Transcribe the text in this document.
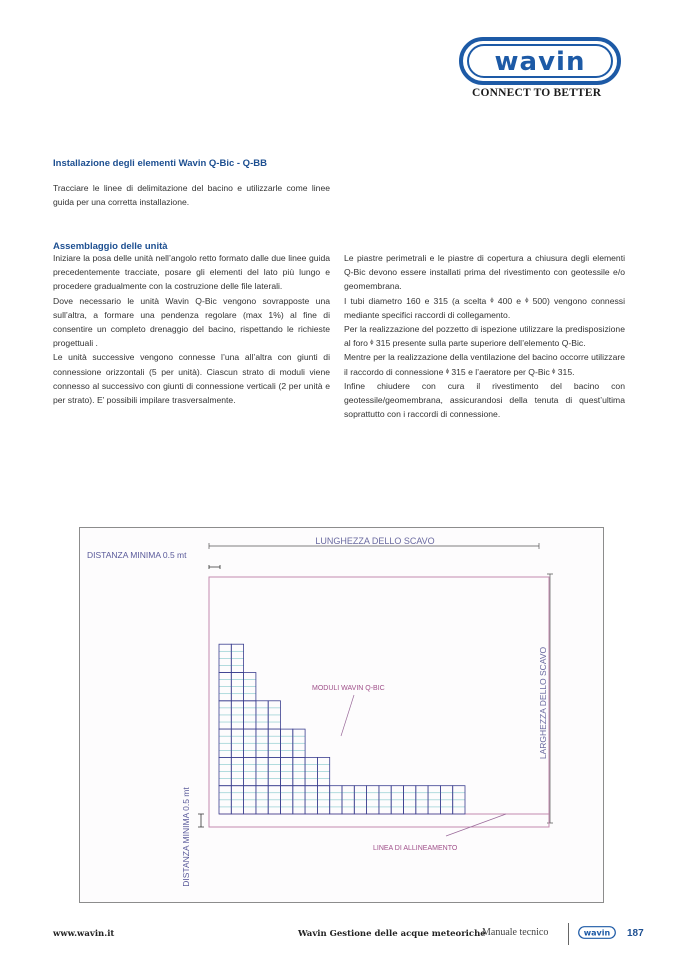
wavin
CONNECT TO BETTER
Installazione degli elementi Wavin Q-Bic - Q-BB

Tracciare le linee di delimitazione del bacino e utilizzarle come linee guida per una corretta installazione.

Assemblaggio delle unità

Iniziare la posa delle unità nell’angolo retto formato dalle due linee guida precedentemente tracciate, posare gli elementi del lato più lungo e procedere gradualmente con la costruzione delle file laterali.

Dove necessario le unità Wavin Q-Bic vengono sovrapposte una sull’altra, a formare una pendenza regolare (max 1%) al fine di consentire un completo drenaggio del bacino, rispettando le richieste progettuali .

Le unità successive vengono connesse l’una all’altra con giunti di connessione orizzontali (5 per unità). Ciascun strato di moduli viene connesso al successivo con giunti di connessione verticali (2 per unità e per strato). E’ possibili impilare trasversalmente.

Le piastre perimetrali e le piastre di copertura a chiusura degli elementi Q-Bic devono essere installati prima del rivestimento con geotessile e/o geomembrana.

I tubi diametro 160 e 315 (a scelta ᶲ 400 e ᶲ 500) vengono connessi mediante specifici raccordi di collegamento.

Per la realizzazione del pozzetto di ispezione utilizzare la predisposizione al foro ᶲ 315 presente sulla parte superiore dell’elemento Q-Bic.

Mentre per la realizzazione della ventilazione del bacino occorre utilizzare il raccordo di connessione ᶲ 315 e l’aeratore per Q-Bic ᶲ 315.

Infine chiudere con cura il rivestimento del bacino con geotessile/geomembrana, assicurandosi della tenuta di quest’ultima soprattutto con i raccordi di connessione.

LUNGHEZZA DELLO SCAVO
DISTANZA MINIMA 0.5 mt
LARGHEZZA DELLO SCAVO
DISTANZA MINIMA 0.5 mt
MODULI WAVIN Q-BIC
LINEA DI ALLINEAMENTO
www.wavin.it	Wavin Gestione delle acque meteoriche
Manuale tecnico	wavin 187
